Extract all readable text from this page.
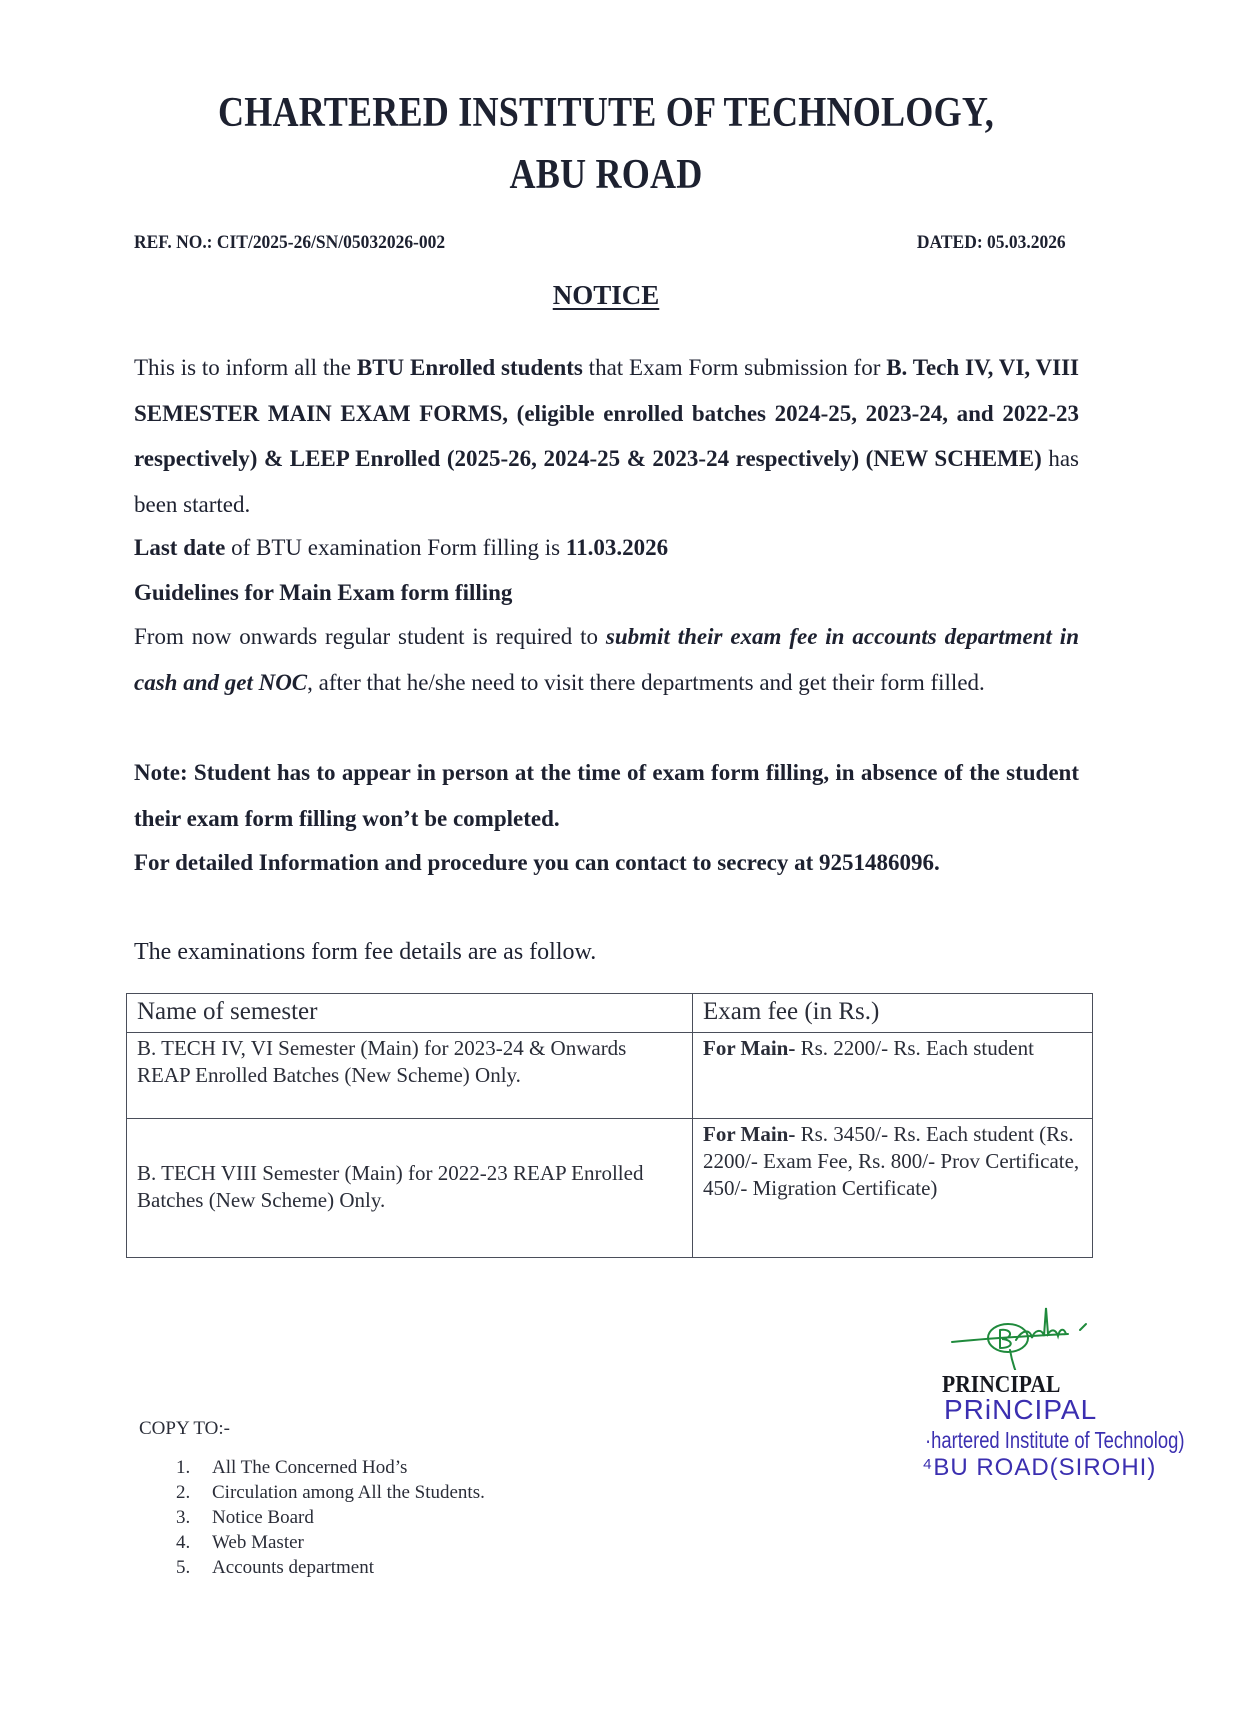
CHARTERED INSTITUTE OF TECHNOLOGY,
ABU ROAD
REF. NO.: CIT/2025-26/SN/05032026-002	DATED: 05.03.2026
NOTICE

This is to inform all the BTU Enrolled students that Exam Form submission for B. Tech IV, VI, VIII SEMESTER MAIN EXAM FORMS, (eligible enrolled batches 2024-25, 2023-24, and 2022-23 respectively) & LEEP Enrolled (2025-26, 2024-25 & 2023-24 respectively) (NEW SCHEME) has been started.

Last date of BTU examination Form filling is 11.03.2026

Guidelines for Main Exam form filling

From now onwards regular student is required to submit their exam fee in accounts department in cash and get NOC, after that he/she need to visit there departments and get their form filled.

Note: Student has to appear in person at the time of exam form filling, in absence of the student their exam form filling won’t be completed.

For detailed Information and procedure you can contact to secrecy at 9251486096.

The examinations form fee details are as follow.

Name of semester	Exam fee (in Rs.)
B. TECH IV, VI Semester (Main) for 2023-24 & Onwards REAP Enrolled Batches (New Scheme) Only.	For Main- Rs. 2200/- Rs. Each student
B. TECH VIII Semester (Main) for 2022-23 REAP Enrolled Batches (New Scheme) Only.	For Main- Rs. 3450/- Rs. Each student (Rs. 2200/- Exam Fee, Rs. 800/- Prov Certificate, 450/- Migration Certificate)
PRINCIPAL
PRiNCIPAL
·hartered Institute of Technolog)
⁴BU ROAD(SIROHI)
COPY TO:-
1. All The Concerned Hod’s
2. Circulation among All the Students.
3. Notice Board
4. Web Master
5. Accounts department
